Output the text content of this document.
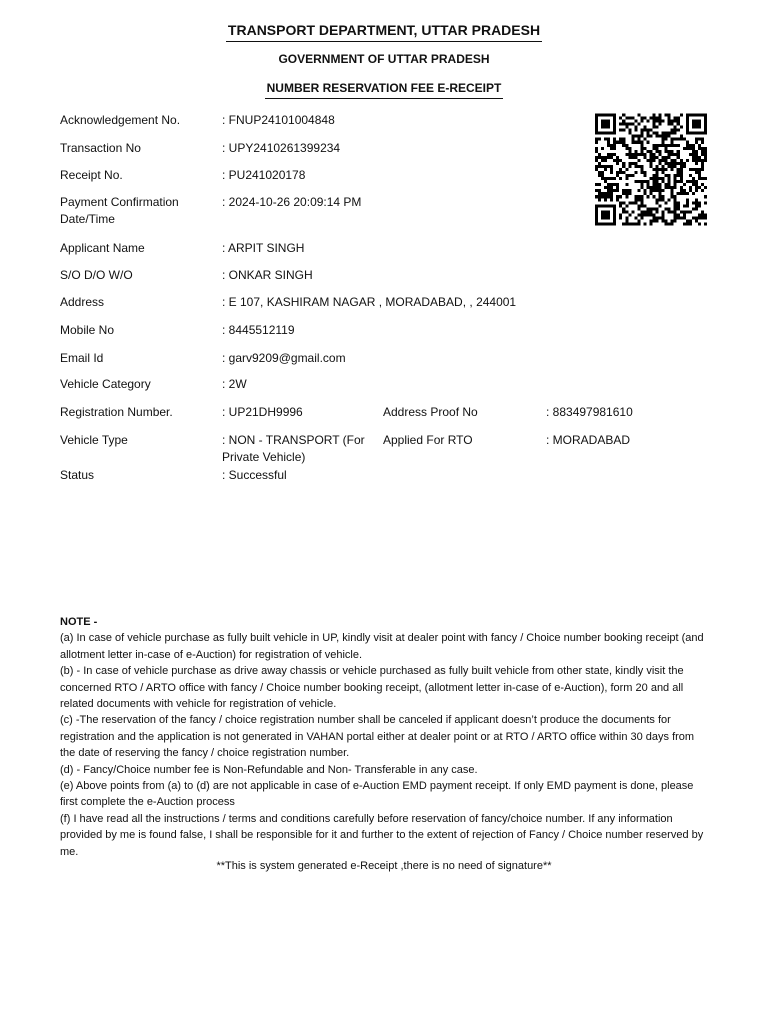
TRANSPORT DEPARTMENT, UTTAR PRADESH
GOVERNMENT OF UTTAR PRADESH
NUMBER RESERVATION FEE E-RECEIPT
Acknowledgement No.	: FNUP24101004848
Transaction No	: UPY2410261399234
Receipt No.	: PU241020178
Payment Confirmation
Date/Time
: 2024-10-26 20:09:14 PM
Applicant Name	: ARPIT SINGH
S/O D/O W/O	: ONKAR SINGH
Address	: E 107, KASHIRAM NAGAR , MORADABAD, , 244001
Mobile No	: 8445512119
Email Id	: garv9209@gmail.com
Vehicle Category	: 2W
Registration Number.	: UP21DH9996	Address Proof No	: 883497981610
Vehicle Type	: NON - TRANSPORT (For
Private Vehicle)
Applied For RTO	: MORADABAD
Status	: Successful
NOTE -

(a) In case of vehicle purchase as fully built vehicle in UP, kindly visit at dealer point with fancy / Choice number booking receipt (and allotment letter in-case of e-Auction) for registration of vehicle.

(b) - In case of vehicle purchase as drive away chassis or vehicle purchased as fully built vehicle from other state, kindly visit the concerned RTO / ARTO office with fancy / Choice number booking receipt, (allotment letter in-case of e-Auction), form 20 and all related documents with vehicle for registration of vehicle.

(c) -The reservation of the fancy / choice registration number shall be canceled if applicant doesn’t produce the documents for registration and the application is not generated in VAHAN portal either at dealer point or at RTO / ARTO office within 30 days from the date of reserving the fancy / choice registration number.

(d) - Fancy/Choice number fee is Non-Refundable and Non- Transferable in any case.

(e) Above points from (a) to (d) are not applicable in case of e-Auction EMD payment receipt. If only EMD payment is done, please first complete the e-Auction process

(f) I have read all the instructions / terms and conditions carefully before reservation of fancy/choice number. If any information provided by me is found false, I shall be responsible for it and further to the extent of rejection of Fancy / Choice number reserved by me.

**This is system generated e-Receipt ,there is no need of signature**
